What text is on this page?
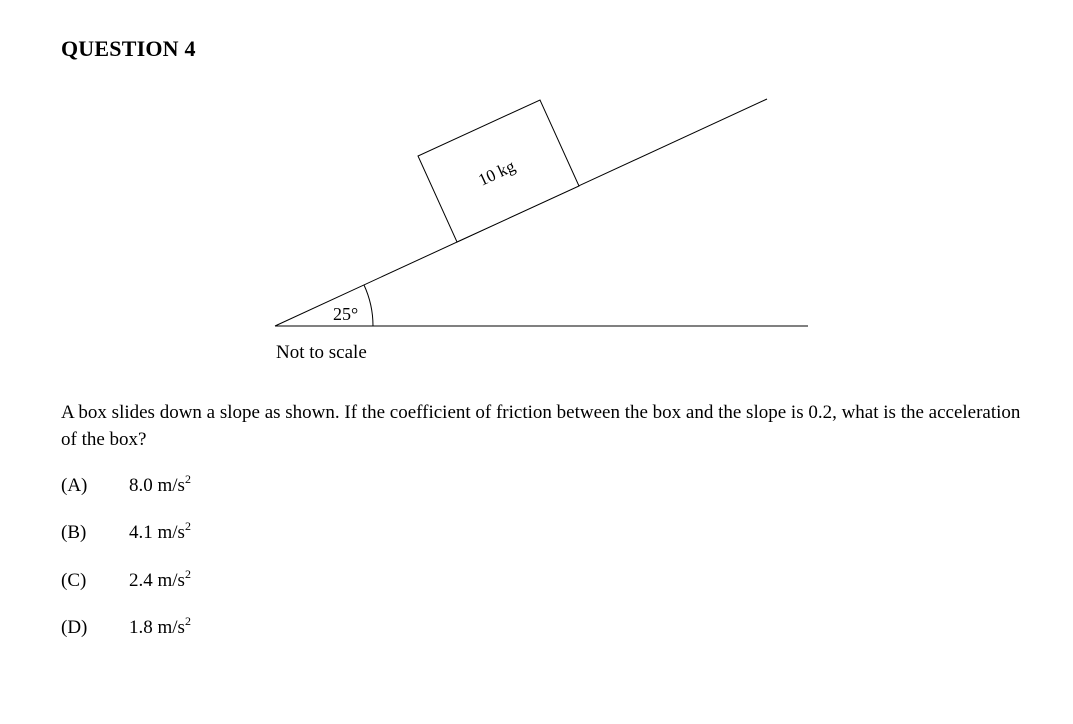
QUESTION 4
10 kg
25°
Not to scale
A box slides down a slope as shown. If the coefficient of friction between the box and the slope is 0.2, what is the acceleration of the box?
(A) 8.0 $m/s^2$
(B) 4.1 $m/s^2$
(C) 2.4 $m/s^2$
(D) 1.8 $m/s^2$
